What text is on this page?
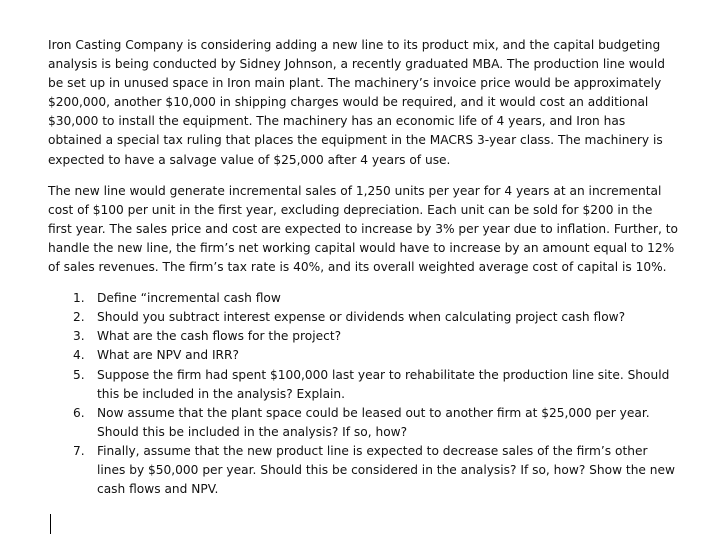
Iron Casting Company is considering adding a new line to its product mix, and the capital budgeting analysis is being conducted by Sidney Johnson, a recently graduated MBA. The production line would be set up in unused space in Iron main plant. The machinery’s invoice price would be approximately $200,000, another $10,000 in shipping charges would be required, and it would cost an additional $30,000 to install the equipment. The machinery has an economic life of 4 years, and Iron has obtained a special tax ruling that places the equipment in the MACRS 3-year class. The machinery is expected to have a salvage value of $25,000 after 4 years of use.

The new line would generate incremental sales of 1,250 units per year for 4 years at an incremental cost of $100 per unit in the first year, excluding depreciation. Each unit can be sold for $200 in the first year. The sales price and cost are expected to increase by 3% per year due to inflation. Further, to handle the new line, the firm’s net working capital would have to increase by an amount equal to 12% of sales revenues. The firm’s tax rate is 40%, and its overall weighted average cost of capital is 10%.

1.	Define “incremental cash flow
2.	Should you subtract interest expense or dividends when calculating project cash flow?
3.	What are the cash flows for the project?
4.	What are NPV and IRR?
5.	Suppose the firm had spent $100,000 last year to rehabilitate the production line site. Should this be included in the analysis? Explain.
6.	Now assume that the plant space could be leased out to another firm at $25,000 per year. Should this be included in the analysis? If so, how?
7.	Finally, assume that the new product line is expected to decrease sales of the firm’s other lines by $50,000 per year. Should this be considered in the analysis? If so, how? Show the new cash flows and NPV.
